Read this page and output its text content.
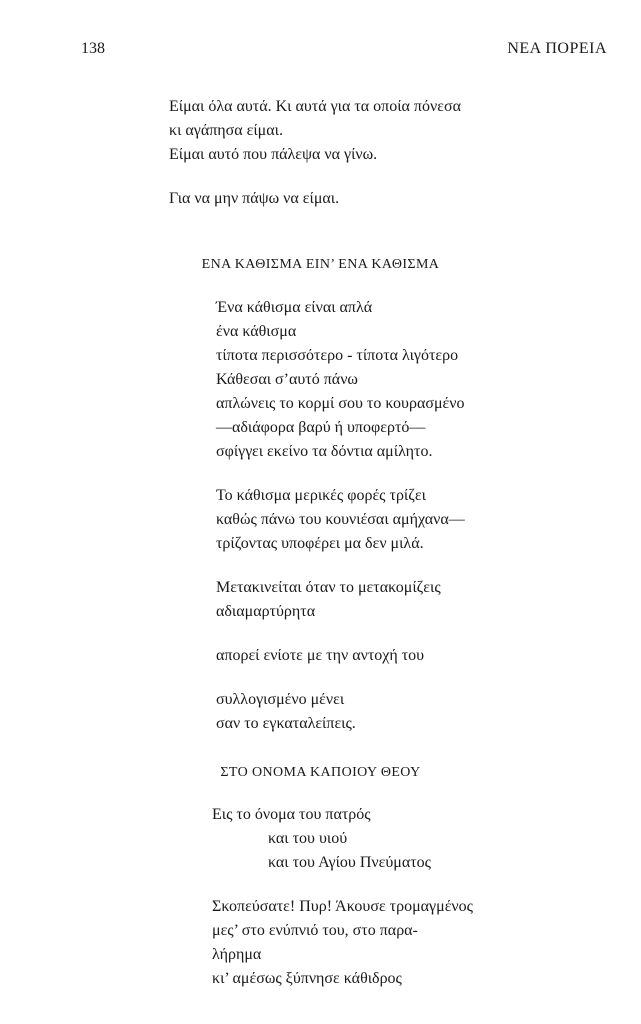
138	ΝΕΑ ΠΟΡΕΙΑ
Είμαι όλα αυτά. Κι αυτά για τα οποία πόνεσα
κι αγάπησα είμαι.
Είμαι αυτό που πάλεψα να γίνω.
Για να μην πάψω να είμαι.
ΕΝΑ ΚΑΘΙΣΜΑ ΕΙΝ’ ΕΝΑ ΚΑΘΙΣΜΑ
Ένα κάθισμα είναι απλά
ένα κάθισμα
τίποτα περισσότερο - τίποτα λιγότερο
Κάθεσαι σ’αυτό πάνω
απλώνεις το κορμί σου το κουρασμένο
—αδιάφορα βαρύ ή υποφερτό—
σφίγγει εκείνο τα δόντια αμίλητο.
Το κάθισμα μερικές φορές τρίζει
καθώς πάνω του κουνιέσαι αμήχανα—
τρίζοντας υποφέρει μα δεν μιλά.
Μετακινείται όταν το μετακομίζεις
αδιαμαρτύρητα
απορεί ενίοτε με την αντοχή του
συλλογισμένο μένει
σαν το εγκαταλείπεις.
ΣΤΟ ΟΝΟΜΑ ΚΑΠΟΙΟΥ ΘΕΟΥ
Εις το όνομα του πατρός
και του υιού
και του Αγίου Πνεύματος
Σκοπεύσατε! Πυρ! Άκουσε τρομαγμένος
μες’ στο ενύπνιό του, στο παρα-
λήρημα
κι’ αμέσως ξύπνησε κάθιδρος
